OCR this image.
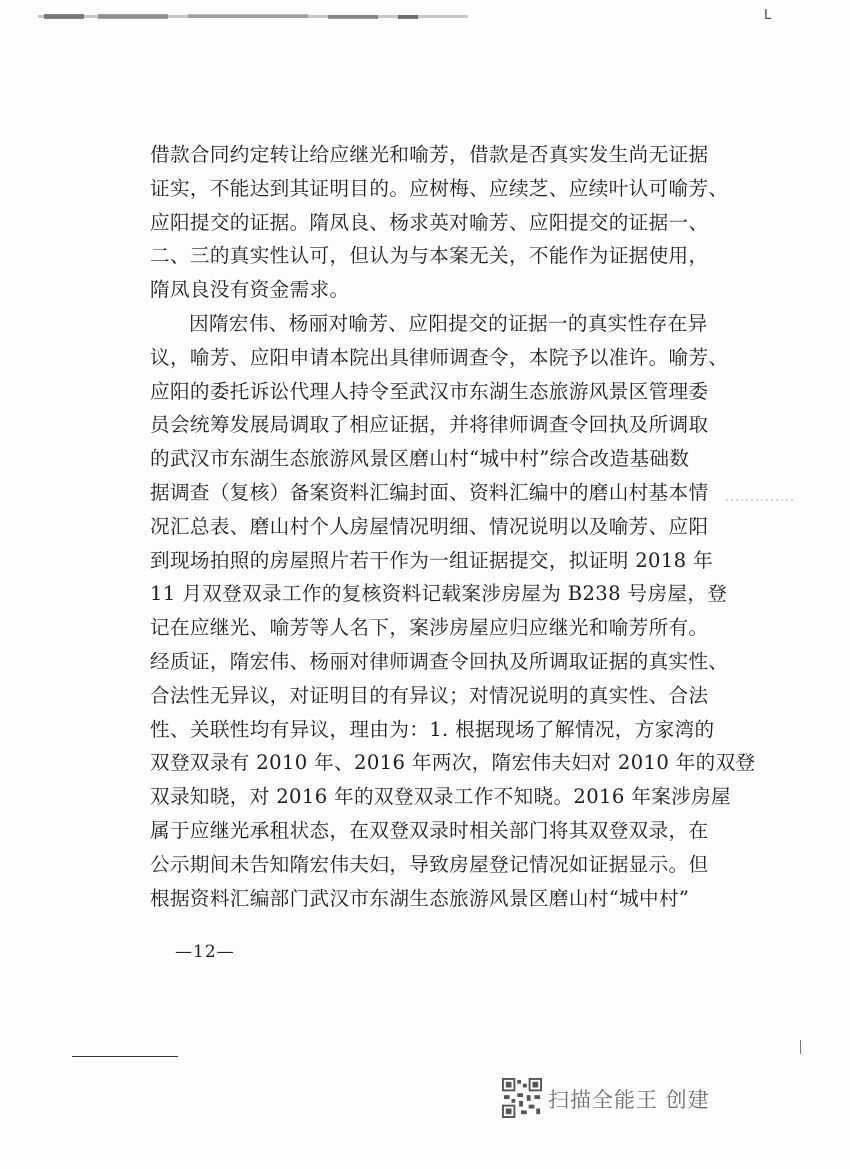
L
借款合同约定转让给应继光和喻芳，借款是否真实发生尚无证据
证实，不能达到其证明目的。应树梅、应续芝、应续叶认可喻芳、
应阳提交的证据。隋凤良、杨求英对喻芳、应阳提交的证据一、
二、三的真实性认可，但认为与本案无关，不能作为证据使用，
隋凤良没有资金需求。
因隋宏伟、杨丽对喻芳、应阳提交的证据一的真实性存在异
议，喻芳、应阳申请本院出具律师调查令，本院予以准许。喻芳、
应阳的委托诉讼代理人持令至武汉市东湖生态旅游风景区管理委
员会统筹发展局调取了相应证据，并将律师调查令回执及所调取
的武汉市东湖生态旅游风景区磨山村“城中村”综合改造基础数
据调查（复核）备案资料汇编封面、资料汇编中的磨山村基本情
况汇总表、磨山村个人房屋情况明细、情况说明以及喻芳、应阳
到现场拍照的房屋照片若干作为一组证据提交，拟证明 2018 年
11 月双登双录工作的复核资料记载案涉房屋为 B238 号房屋，登
记在应继光、喻芳等人名下，案涉房屋应归应继光和喻芳所有。
经质证，隋宏伟、杨丽对律师调查令回执及所调取证据的真实性、
合法性无异议，对证明目的有异议；对情况说明的真实性、合法
性、关联性均有异议，理由为：1. 根据现场了解情况，方家湾的
双登双录有 2010 年、2016 年两次，隋宏伟夫妇对 2010 年的双登
双录知晓，对 2016 年的双登双录工作不知晓。2016 年案涉房屋
属于应继光承租状态，在双登双录时相关部门将其双登双录，在
公示期间未告知隋宏伟夫妇，导致房屋登记情况如证据显示。但
根据资料汇编部门武汉市东湖生态旅游风景区磨山村“城中村”
—12—
扫描全能王 创建
